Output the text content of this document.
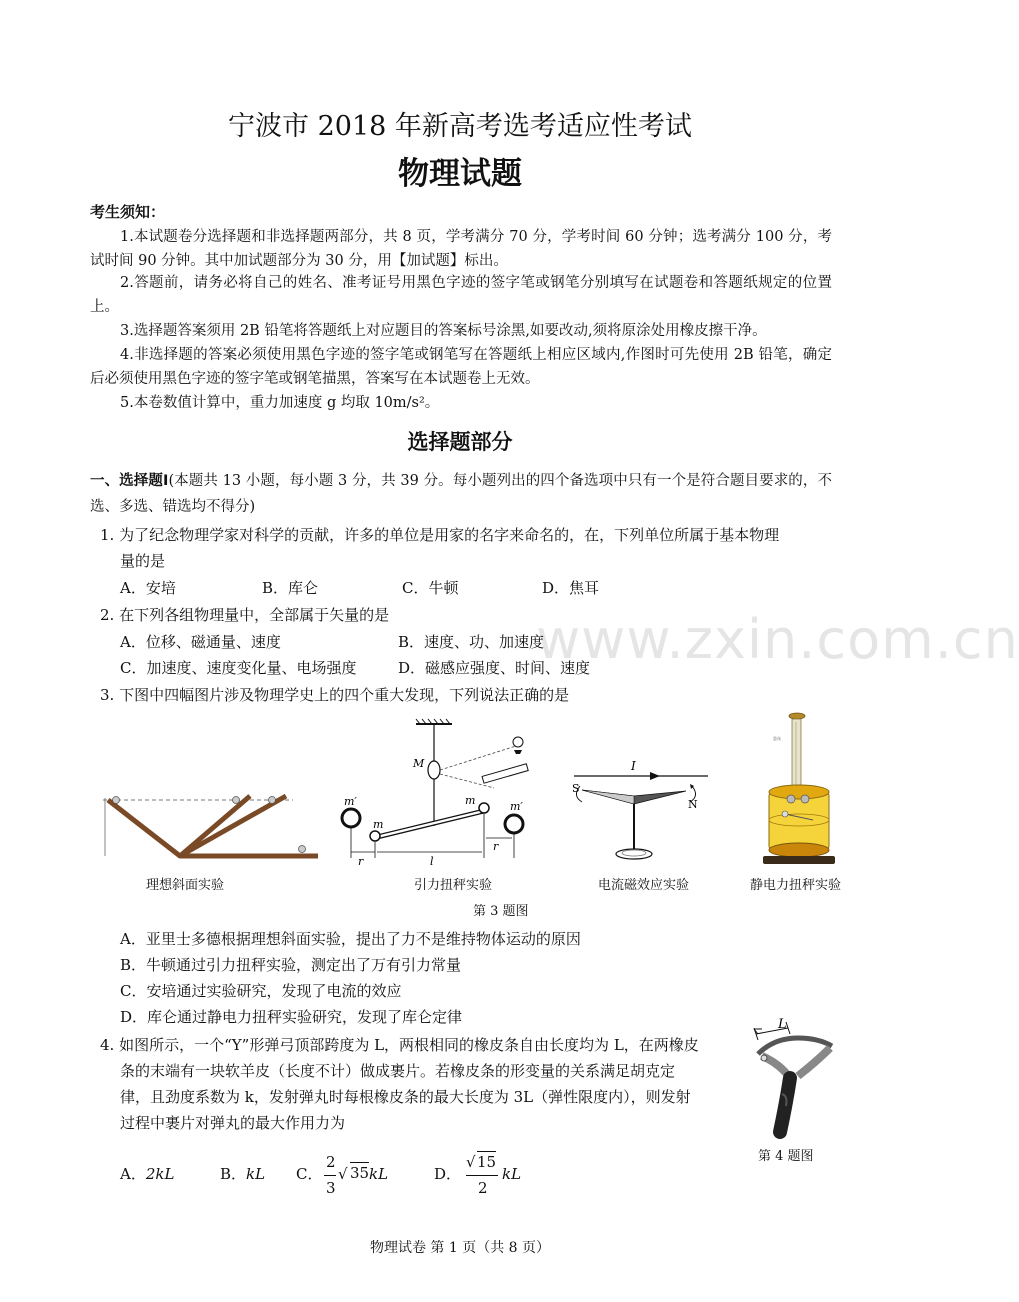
宁波市 2018 年新高考选考适应性考试
物理试题
考生须知：
1.本试题卷分选择题和非选择题两部分，共 8 页，学考满分 70 分，学考时间 60 分钟；选考满分 100 分，考试时间 90 分钟。其中加试题部分为 30 分，用【加试题】标出。
2.答题前，请务必将自己的姓名、准考证号用黑色字迹的签字笔或钢笔分别填写在试题卷和答题纸规定的位置上。
3.选择题答案须用 2B 铅笔将答题纸上对应题目的答案标号涂黑,如要改动,须将原涂处用橡皮擦干净。
4.非选择题的答案必须使用黑色字迹的签字笔或钢笔写在答题纸上相应区域内,作图时可先使用 2B 铅笔，确定后必须使用黑色字迹的签字笔或钢笔描黑，答案写在本试题卷上无效。
5.本卷数值计算中，重力加速度 g 均取 10m/s²。
选择题部分
一、选择题Ⅰ(本题共 13 小题，每小题 3 分，共 39 分。每小题列出的四个备选项中只有一个是符合题目要求的，不选、多选、错选均不得分)
1. 为了纪念物理学家对科学的贡献，许多的单位是用家的名字来命名的，在，下列单位所属于基本物理
量的是
A．安培	B．库仑	C．牛顿	D．焦耳
www.zxin.com.cn
2. 在下列各组物理量中，全部属于矢量的是
A．位移、磁通量、速度	B．速度、功、加速度
C．加速度、速度变化量、电场强度	D．磁感应强度、时间、速度
3. 下图中四幅图片涉及物理学史上的四个重大发现，下列说法正确的是
M
m′	m′
m
m
r	l
r
I
S
N
悬丝
理想斜面实验	引力扭秤实验	电流磁效应实验	静电力扭秤实验
第 3 题图
A．亚里士多德根据理想斜面实验，提出了力不是维持物体运动的原因
B．牛顿通过引力扭秤实验，测定出了万有引力常量
C．安培通过实验研究，发现了电流的效应
D．库仑通过静电力扭秤实验研究，发现了库仑定律
4. 如图所示，一个“Y”形弹弓顶部跨度为 L，两根相同的橡皮条自由长度均为 L，在两橡皮
条的末端有一块软羊皮（长度不计）做成裹片。若橡皮条的形变量的关系满足胡克定
律，且劲度系数为 k，发射弹丸时每根橡皮条的最大长度为 3L（弹性限度内），则发射
过程中裹片对弹丸的最大作用力为
L
第 4 题图
A．2kL	B．kL C．
2
3
√ 35 kL	D．
√ 15
2
kL
物理试卷 第 1 页（共 8 页）
